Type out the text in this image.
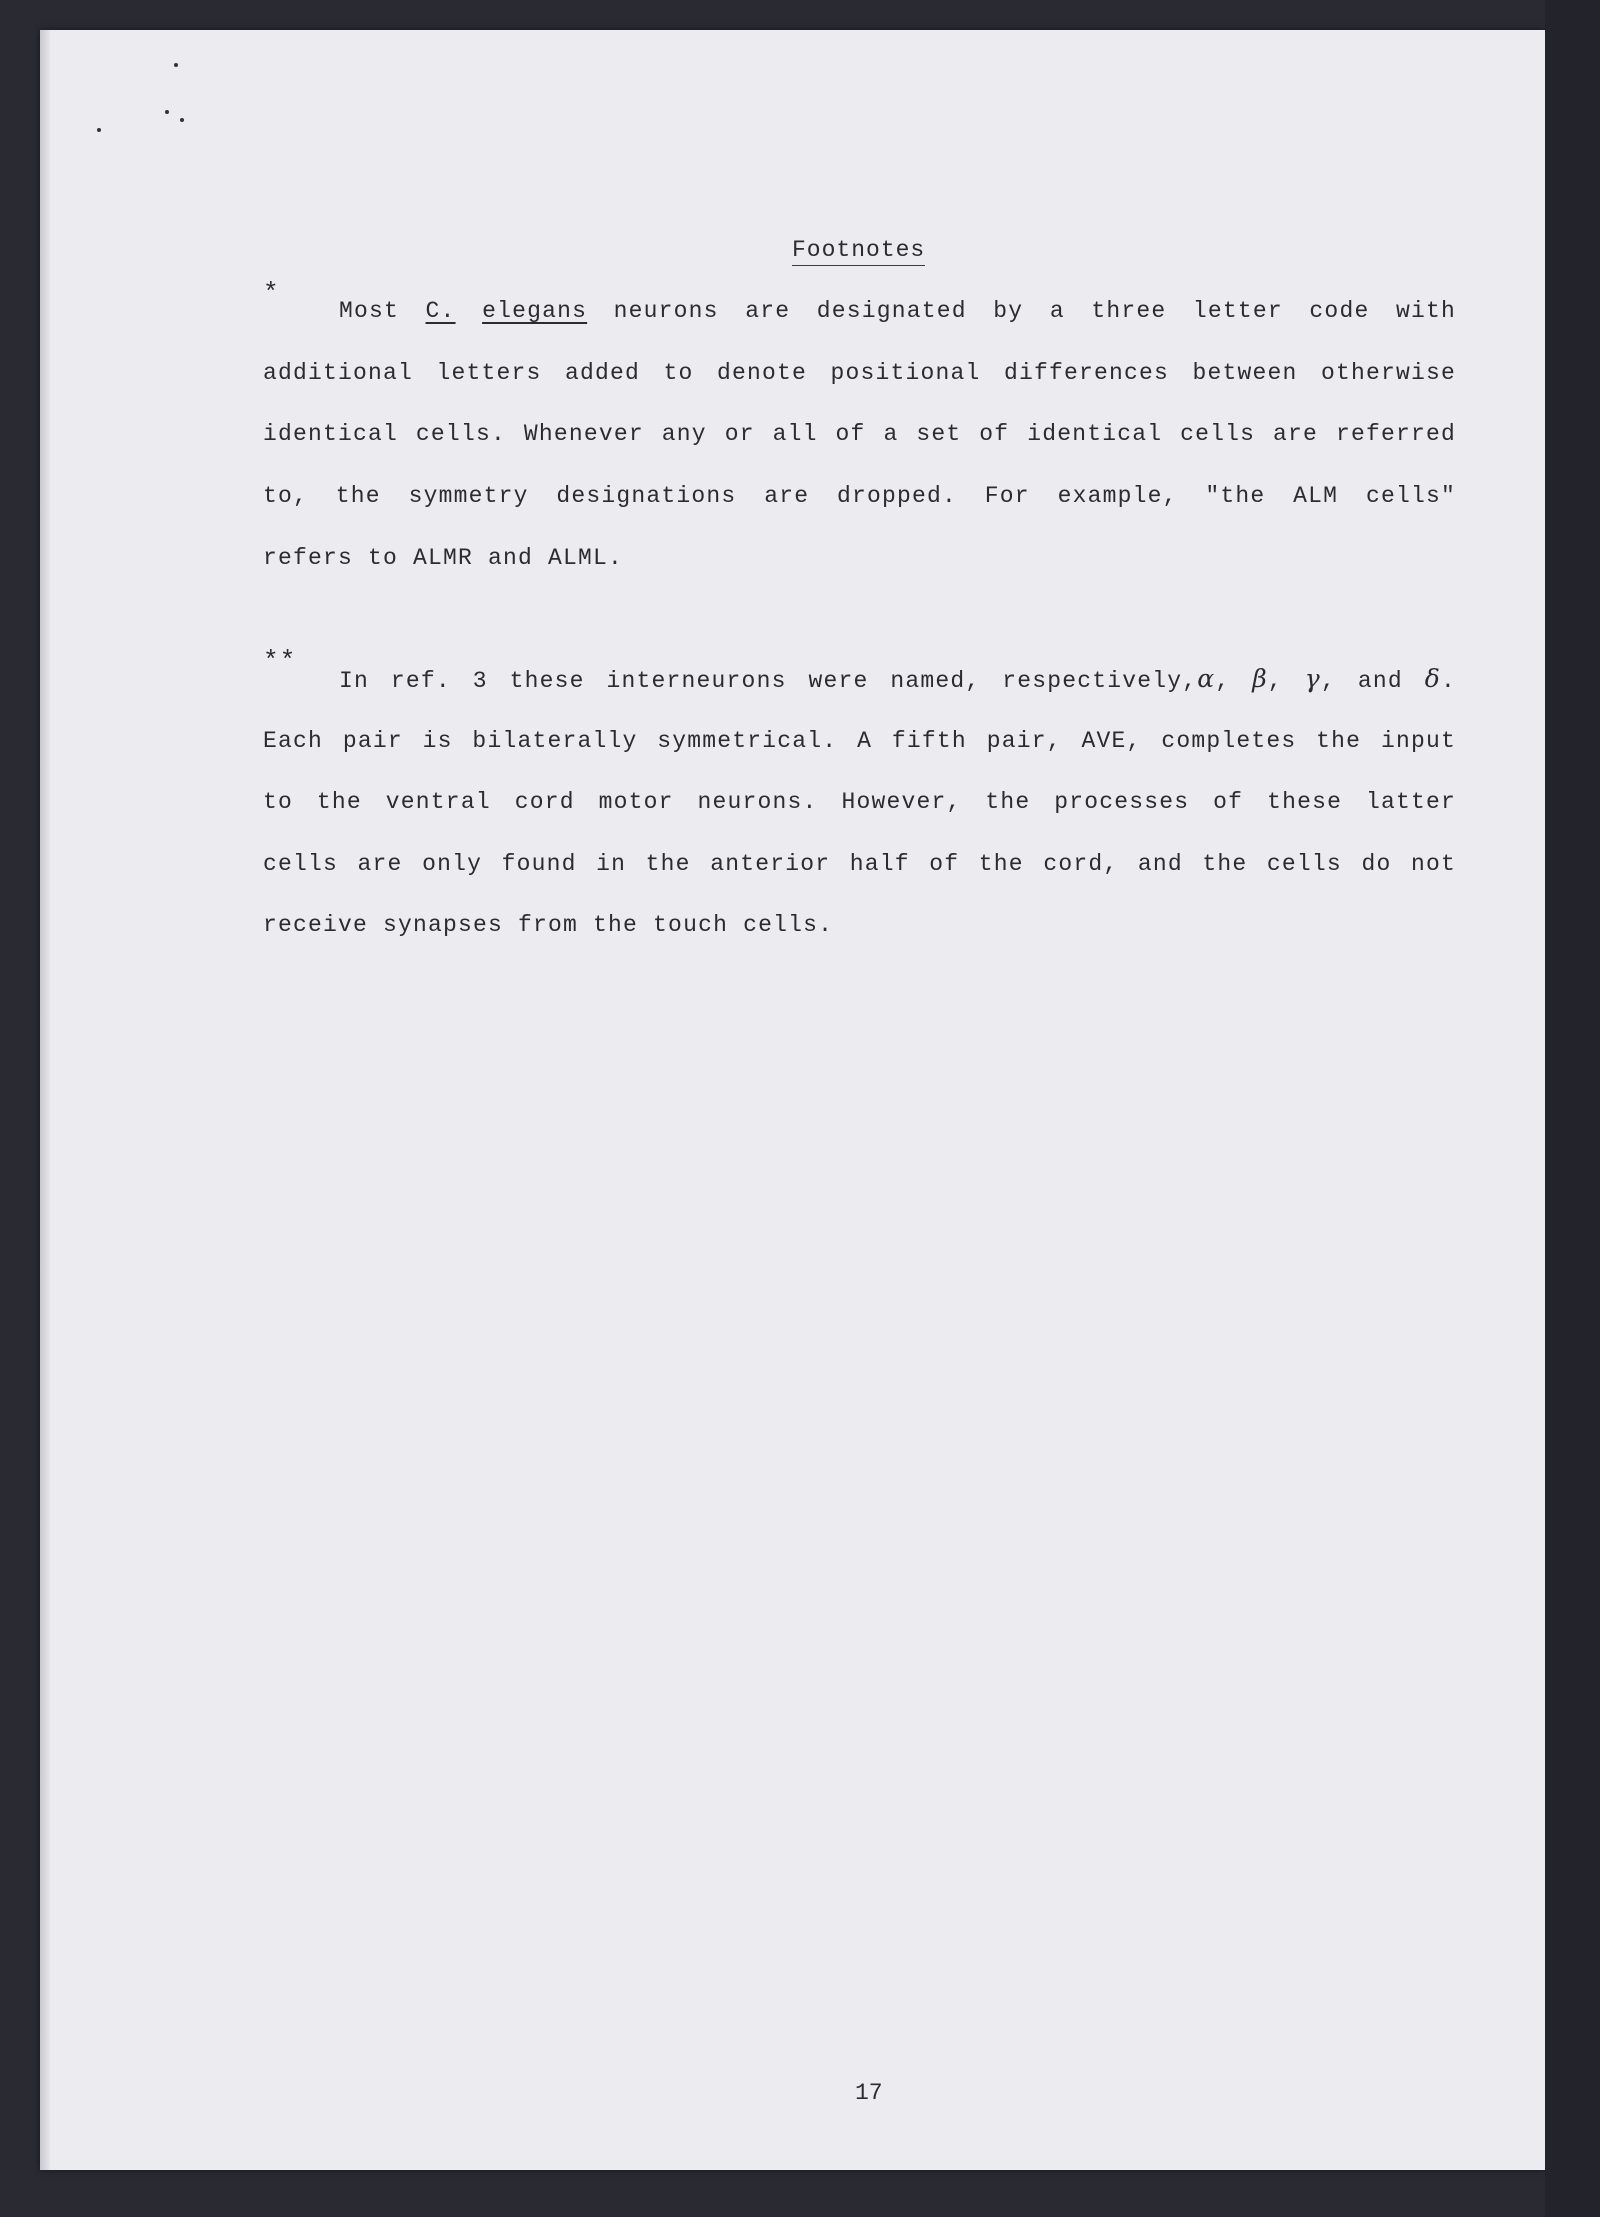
Footnotes
*
Most C. elegans neurons are designated by a three letter code with
additional letters added to denote positional differences between otherwise
identical cells. Whenever any or all of a set of identical cells are referred
to, the symmetry designations are dropped. For example, "the ALM cells"
refers to ALMR and ALML.
**
In ref. 3 these interneurons were named, respectively,α, β, γ, and δ.
Each pair is bilaterally symmetrical. A fifth pair, AVE, completes the input
to the ventral cord motor neurons. However, the processes of these latter
cells are only found in the anterior half of the cord, and the cells do not
receive synapses from the touch cells.
17
